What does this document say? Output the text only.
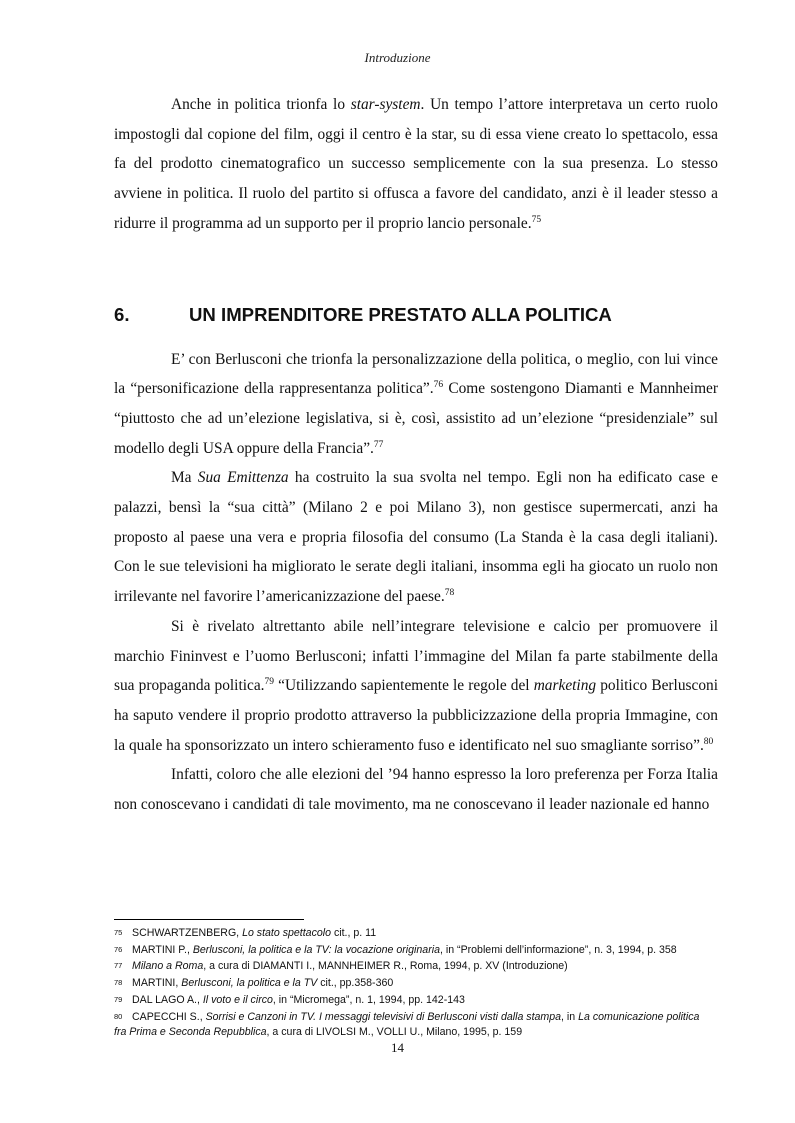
Introduzione

Anche in politica trionfa lo star-system. Un tempo l’attore interpretava un certo ruolo impostogli dal copione del film, oggi il centro è la star, su di essa viene creato lo spettacolo, essa fa del prodotto cinematografico un successo semplicemente con la sua presenza. Lo stesso avviene in politica. Il ruolo del partito si offusca a favore del candidato, anzi è il leader stesso a ridurre il programma ad un supporto per il proprio lancio personale.$^{75}$

6.	UN IMPRENDITORE PRESTATO ALLA POLITICA

E’ con Berlusconi che trionfa la personalizzazione della politica, o meglio, con lui vince la “personificazione della rappresentanza politica”.$^{76}$ Come sostengono Diamanti e Mannheimer “piuttosto che ad un’elezione legislativa, si è, così, assistito ad un’elezione “presidenziale” sul modello degli USA oppure della Francia”.$^{77}$

Ma Sua Emittenza ha costruito la sua svolta nel tempo. Egli non ha edificato case e palazzi, bensì la “sua città” (Milano 2 e poi Milano 3), non gestisce supermercati, anzi ha proposto al paese una vera e propria filosofia del consumo (La Standa è la casa degli italiani). Con le sue televisioni ha migliorato le serate degli italiani, insomma egli ha giocato un ruolo non irrilevante nel favorire l’americanizzazione del paese.$^{78}$

Si è rivelato altrettanto abile nell’integrare televisione e calcio per promuovere il marchio Fininvest e l’uomo Berlusconi; infatti l’immagine del Milan fa parte stabilmente della sua propaganda politica.$^{79}$ “Utilizzando sapientemente le regole del marketing politico Berlusconi ha saputo vendere il proprio prodotto attraverso la pubblicizzazione della propria Immagine, con la quale ha sponsorizzato un intero schieramento fuso e identificato nel suo smagliante sorriso”.$^{80}$

Infatti, coloro che alle elezioni del ’94 hanno espresso la loro preferenza per Forza Italia non conoscevano i candidati di tale movimento, ma ne conoscevano il leader nazionale ed hanno

75 SCHWARTZENBERG, Lo stato spettacolo cit., p. 11
76 MARTINI P., Berlusconi, la politica e la TV: la vocazione originaria, in “Problemi dell’informazione”, n. 3, 1994, p. 358
77 Milano a Roma, a cura di DIAMANTI I., MANNHEIMER R., Roma, 1994, p. XV (Introduzione)
78 MARTINI, Berlusconi, la politica e la TV cit., pp.358-360
79 DAL LAGO A., Il voto e il circo, in “Micromega”, n. 1, 1994, pp. 142-143
80 CAPECCHI S., Sorrisi e Canzoni in TV. I messaggi televisivi di Berlusconi visti dalla stampa, in La comunicazione politica fra Prima e Seconda Repubblica, a cura di LIVOLSI M., VOLLI U., Milano, 1995, p. 159
14
